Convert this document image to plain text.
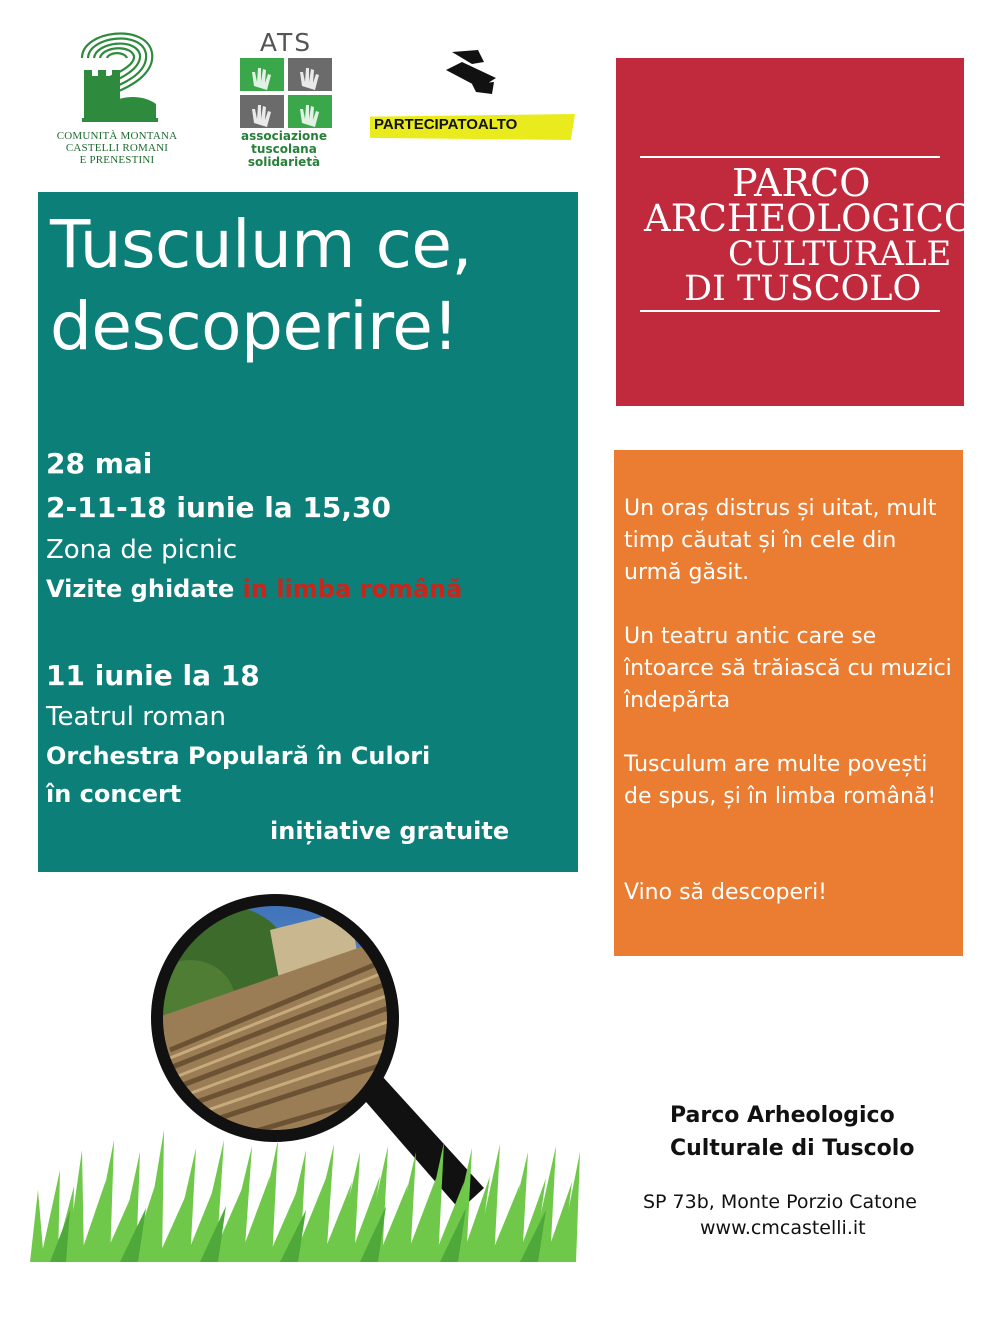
COMUNITÀ MONTANA
CASTELLI ROMANI
E PRENESTINI
ATS
associazione
tuscolana
solidarietà
PARTECIPATOALTO
Tusculum ce,
descoperire!
28 mai
2-11-18 iunie la 15,30
Zona de picnic
Vizite ghidate in limba română
11 iunie la 18
Teatrul roman
Orchestra Populară în Culori
în concert
inițiative gratuite
PARCO
ARCHEOLOGICO
CULTURALE
DI TUSCOLO
Un oraș distrus și uitat, mult timp căutat și în cele din urmă găsit.
Un teatru antic care se întoarce să trăiască cu muzici îndepărta
Tusculum are multe povești de spus, și în limba română!
Vino să descoperi!
Parco Arheologico
Culturale di Tuscolo
SP 73b, Monte Porzio Catone
www.cmcastelli.it
